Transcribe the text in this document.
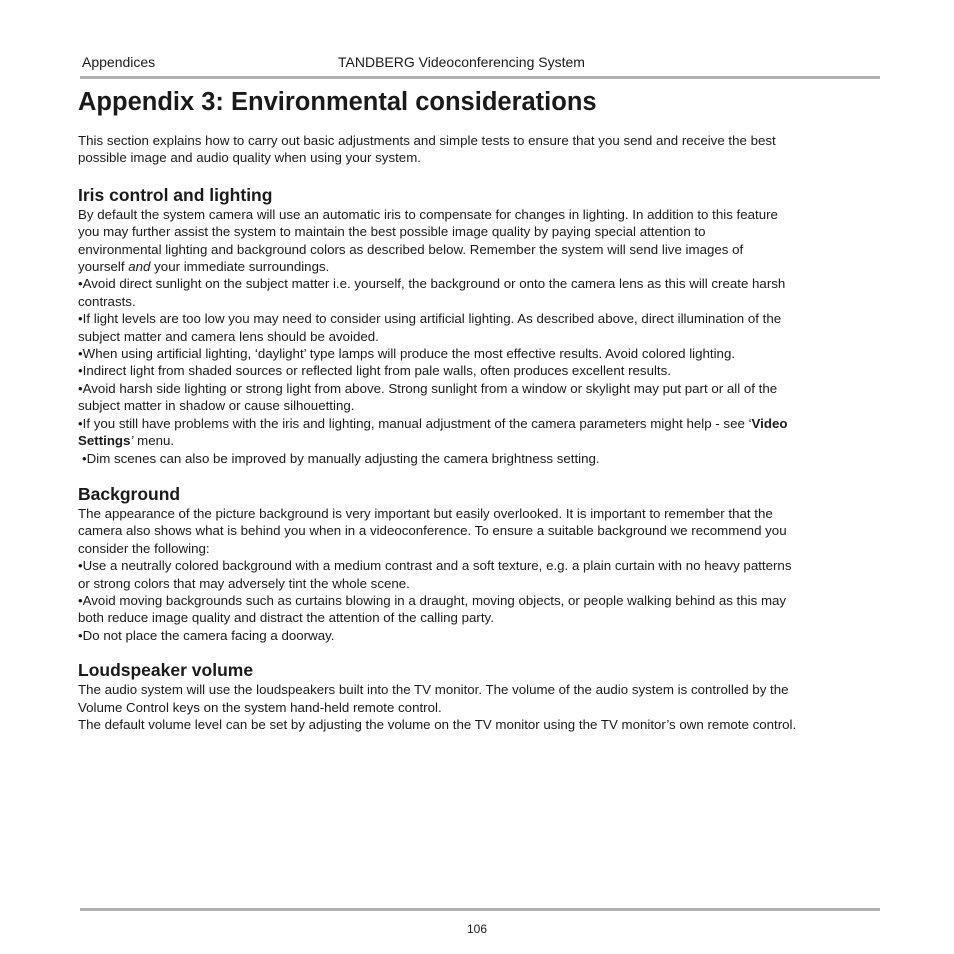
Appendices	TANDBERG Videoconferencing System
Appendix 3: Environmental considerations

This section explains how to carry out basic adjustments and simple tests to ensure that you send and receive the best

possible image and audio quality when using your system.

Iris control and lighting

By default the system camera will use an automatic iris to compensate for changes in lighting. In addition to this feature

you may further assist the system to maintain the best possible image quality by paying special attention to

environmental lighting and background colors as described below. Remember the system will send live images of

yourself and your immediate surroundings.

•Avoid direct sunlight on the subject matter i.e. yourself, the background or onto the camera lens as this will create harsh

contrasts.

•If light levels are too low you may need to consider using artificial lighting. As described above, direct illumination of the

subject matter and camera lens should be avoided.

•When using artificial lighting, ‘daylight’ type lamps will produce the most effective results. Avoid colored lighting.

•Indirect light from shaded sources or reflected light from pale walls, often produces excellent results.

•Avoid harsh side lighting or strong light from above. Strong sunlight from a window or skylight may put part or all of the

subject matter in shadow or cause silhouetting.

•If you still have problems with the iris and lighting, manual adjustment of the camera parameters might help - see ‘Video

Settings’ menu.

•Dim scenes can also be improved by manually adjusting the camera brightness setting.

Background

The appearance of the picture background is very important but easily overlooked. It is important to remember that the

camera also shows what is behind you when in a videoconference. To ensure a suitable background we recommend you

consider the following:

•Use a neutrally colored background with a medium contrast and a soft texture, e.g. a plain curtain with no heavy patterns

or strong colors that may adversely tint the whole scene.

•Avoid moving backgrounds such as curtains blowing in a draught, moving objects, or people walking behind as this may

both reduce image quality and distract the attention of the calling party.

•Do not place the camera facing a doorway.

Loudspeaker volume

The audio system will use the loudspeakers built into the TV monitor. The volume of the audio system is controlled by the

Volume Control keys on the system hand-held remote control.

The default volume level can be set by adjusting the volume on the TV monitor using the TV monitor’s own remote control.

106
